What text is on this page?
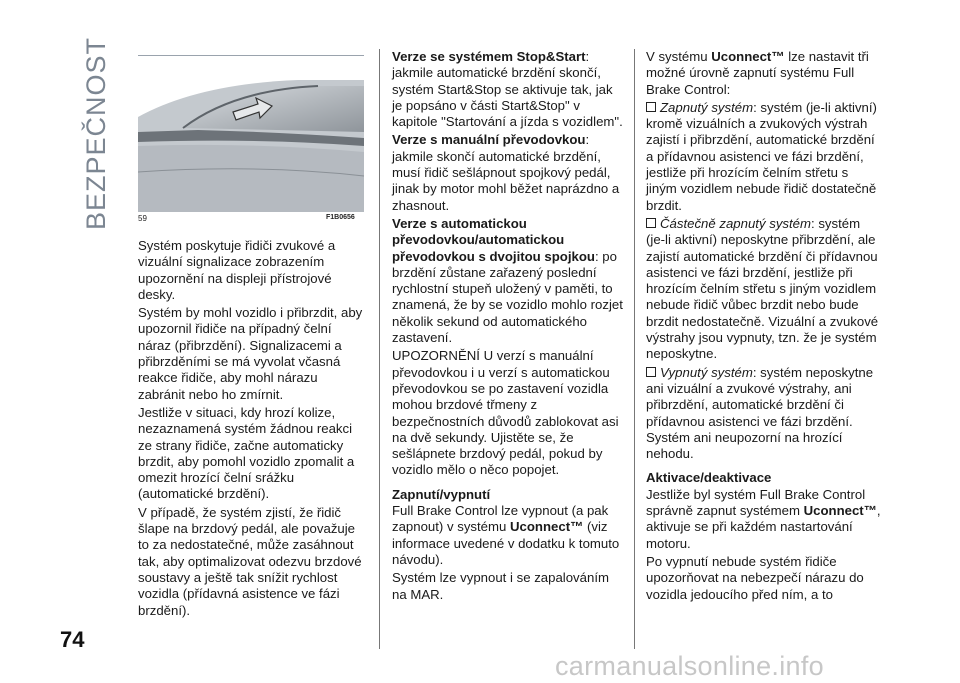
BEZPEČNOST	59	F1B0656

Systém poskytuje řidiči zvukové a vizuální signalizace zobrazením upozornění na displeji přístrojové desky.

Systém by mohl vozidlo i přibrzdit, aby upozornil řidiče na případný čelní náraz (přibrzdění). Signalizacemi a přibrzděními se má vyvolat včasná reakce řidiče, aby mohl nárazu zabránit nebo ho zmírnit.

Jestliže v situaci, kdy hrozí kolize, nezaznamená systém žádnou reakci ze strany řidiče, začne automaticky brzdit, aby pomohl vozidlo zpomalit a omezit hrozící čelní srážku (automatické brzdění).

V případě, že systém zjistí, že řidič šlape na brzdový pedál, ale považuje to za nedostatečné, může zasáhnout tak, aby optimalizovat odezvu brzdové soustavy a ještě tak snížit rychlost vozidla (přídavná asistence ve fázi brzdění).

Verze se systémem Stop&Start: jakmile automatické brzdění skončí, systém Start&Stop se aktivuje tak, jak je popsáno v části Start&Stop" v kapitole "Startování a jízda s vozidlem".

Verze s manuální převodovkou: jakmile skončí automatické brzdění, musí řidič sešlápnout spojkový pedál, jinak by motor mohl běžet naprázdno a zhasnout.

Verze s automatickou převodovkou/automatickou převodovkou s dvojitou spojkou: po brzdění zůstane zařazený poslední rychlostní stupeň uložený v paměti, to znamená, že by se vozidlo mohlo rozjet několik sekund od automatického zastavení.

UPOZORNĚNÍ U verzí s manuální převodovkou i u verzí s automatickou převodovkou se po zastavení vozidla mohou brzdové třmeny z bezpečnostních důvodů zablokovat asi na dvě sekundy. Ujistěte se, že sešlápnete brzdový pedál, pokud by vozidlo mělo o něco popojet.

Zapnutí/vypnutí

Full Brake Control lze vypnout (a pak zapnout) v systému Uconnect™ (viz informace uvedené v dodatku k tomuto návodu).

Systém lze vypnout i se zapalováním na MAR.

V systému Uconnect™ lze nastavit tři možné úrovně zapnutí systému Full Brake Control:

Zapnutý systém: systém (je-li aktivní) kromě vizuálních a zvukových výstrah zajistí i přibrzdění, automatické brzdění a přídavnou asistenci ve fázi brzdění, jestliže při hrozícím čelním střetu s jiným vozidlem nebude řidič dostatečně brzdit.

Částečně zapnutý systém: systém (je-li aktivní) neposkytne přibrzdění, ale zajistí automatické brzdění či přídavnou asistenci ve fázi brzdění, jestliže při hrozícím čelním střetu s jiným vozidlem nebude řidič vůbec brzdit nebo bude brzdit nedostatečně. Vizuální a zvukové výstrahy jsou vypnuty, tzn. že je systém neposkytne.

Vypnutý systém: systém neposkytne ani vizuální a zvukové výstrahy, ani přibrzdění, automatické brzdění či přídavnou asistenci ve fázi brzdění. Systém ani neupozorní na hrozící nehodu.

Aktivace/deaktivace

Jestliže byl systém Full Brake Control správně zapnut systémem Uconnect™, aktivuje se při každém nastartování motoru.

Po vypnutí nebude systém řidiče upozorňovat na nebezpečí nárazu do vozidla jedoucího před ním, a to

74
carmanualsonline.info
